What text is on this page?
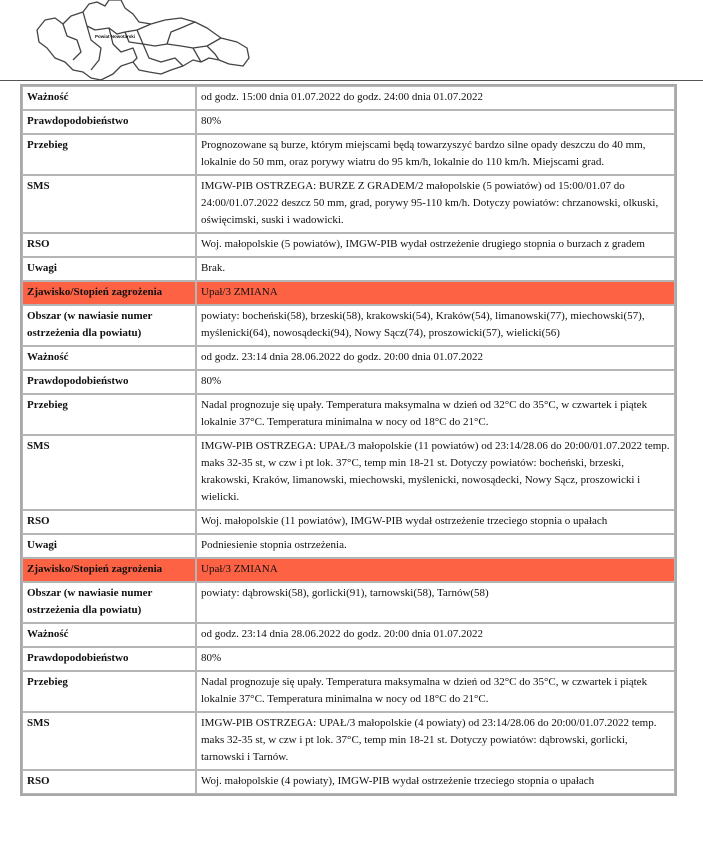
Powiat Nowotarski
Ważność	od godz. 15:00 dnia 01.07.2022 do godz. 24:00 dnia 01.07.2022
Prawdopodobieństwo	80%
Przebieg	Prognozowane są burze, którym miejscami będą towarzyszyć bardzo silne opady deszczu do 40 mm, lokalnie do 50 mm, oraz porywy wiatru do 95 km/h, lokalnie do 110 km/h. Miejscami grad.
SMS	IMGW-PIB OSTRZEGA: BURZE Z GRADEM/2 małopolskie (5 powiatów) od 15:00/01.07 do 24:00/01.07.2022 deszcz 50 mm, grad, porywy 95-110 km/h. Dotyczy powiatów: chrzanowski, olkuski, oświęcimski, suski i wadowicki.
RSO	Woj. małopolskie (5 powiatów), IMGW-PIB wydał ostrzeżenie drugiego stopnia o burzach z gradem
Uwagi	Brak.
Zjawisko/Stopień zagrożenia	Upał/3 ZMIANA
Obszar (w nawiasie numer ostrzeżenia dla powiatu)	powiaty: bocheński(58), brzeski(58), krakowski(54), Kraków(54), limanowski(77), miechowski(57), myślenicki(64), nowosądecki(94), Nowy Sącz(74), proszowicki(57), wielicki(56)
Ważność	od godz. 23:14 dnia 28.06.2022 do godz. 20:00 dnia 01.07.2022
Prawdopodobieństwo	80%
Przebieg	Nadal prognozuje się upały. Temperatura maksymalna w dzień od 32°C do 35°C, w czwartek i piątek lokalnie 37°C. Temperatura minimalna w nocy od 18°C do 21°C.
SMS	IMGW-PIB OSTRZEGA: UPAŁ/3 małopolskie (11 powiatów) od 23:14/28.06 do 20:00/01.07.2022 temp. maks 32-35 st, w czw i pt lok. 37°C, temp min 18-21 st. Dotyczy powiatów: bocheński, brzeski, krakowski, Kraków, limanowski, miechowski, myślenicki, nowosądecki, Nowy Sącz, proszowicki i wielicki.
RSO	Woj. małopolskie (11 powiatów), IMGW-PIB wydał ostrzeżenie trzeciego stopnia o upałach
Uwagi	Podniesienie stopnia ostrzeżenia.
Zjawisko/Stopień zagrożenia	Upał/3 ZMIANA
Obszar (w nawiasie numer ostrzeżenia dla powiatu)	powiaty: dąbrowski(58), gorlicki(91), tarnowski(58), Tarnów(58)
Ważność	od godz. 23:14 dnia 28.06.2022 do godz. 20:00 dnia 01.07.2022
Prawdopodobieństwo	80%
Przebieg	Nadal prognozuje się upały. Temperatura maksymalna w dzień od 32°C do 35°C, w czwartek i piątek lokalnie 37°C. Temperatura minimalna w nocy od 18°C do 21°C.
SMS	IMGW-PIB OSTRZEGA: UPAŁ/3 małopolskie (4 powiaty) od 23:14/28.06 do 20:00/01.07.2022 temp. maks 32-35 st, w czw i pt lok. 37°C, temp min 18-21 st. Dotyczy powiatów: dąbrowski, gorlicki, tarnowski i Tarnów.
RSO	Woj. małopolskie (4 powiaty), IMGW-PIB wydał ostrzeżenie trzeciego stopnia o upałach
